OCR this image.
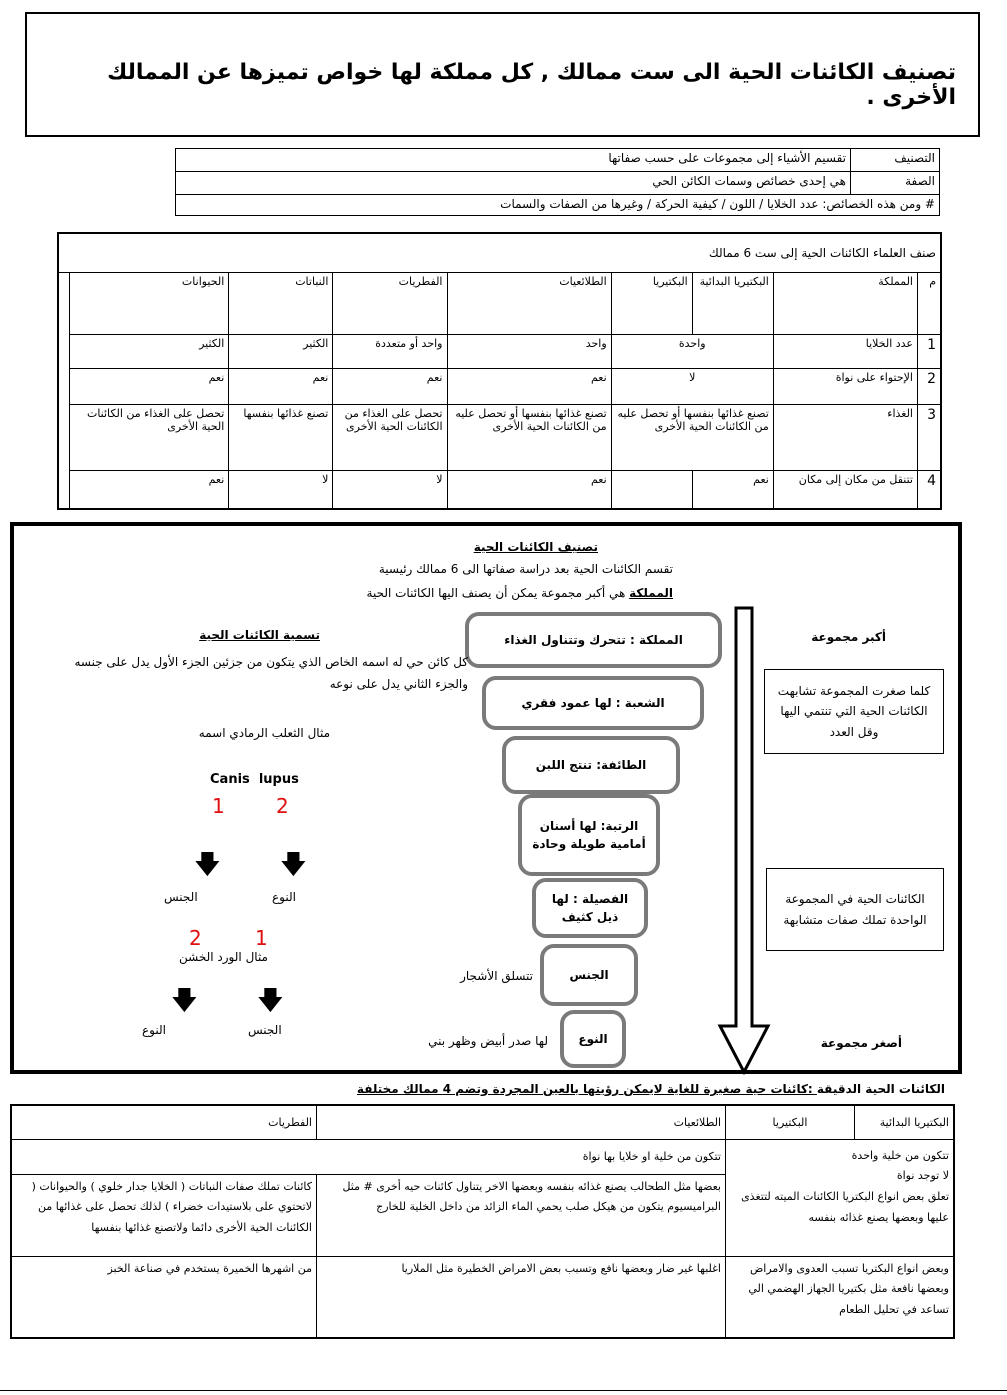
تصنيف الكائنات الحية الى ست ممالك , كل مملكة لها خواص تميزها عن الممالك الأخرى .
التصنيف	تقسيم الأشياء إلى مجموعات على حسب صفاتها
الصفة	هي إحدى خصائص وسمات الكائن الحي
# ومن هذه الخصائص: عدد الخلايا / اللون / كيفية الحركة / وغيرها من الصفات والسمات	
صنف العلماء الكائنات الحية إلى ست 6 ممالك								
م	المملكة	البكتيريا البدائية	البكتيريا	الطلائعيات	الفطريات	النباتات	الحيوانات	
1	عدد الخلايا	واحدة		واحد	واحد أو متعددة	الكثير	الكثير	
2	الإحتواء على نواة	لا		نعم	نعم	نعم	نعم	
3	الغذاء	تصنع غذائها بنفسها أو تحصل عليه من الكائنات الحية الأخرى		تصنع غذائها بنفسها أو تحصل عليه من الكائنات الحية الأخرى	تحصل على الغذاء من الكائنات الحية الأخرى	تصنع غذائها بنفسها	تحصل على الغذاء من الكائنات الحية الأخرى	
4	تتنقل من مكان إلى مكان	نعم		نعم	لا	لا	نعم	
تصنيف الكائنات الحية
تقسم الكائنات الحية بعد دراسة صفاتها الى 6 ممالك رئيسية
المملكة هي أكبر مجموعة يمكن أن يصنف اليها الكائنات الحية
المملكة : تتحرك وتتناول الغذاء
الشعبة : لها عمود فقري
الطائفة: تنتج اللبن
الرتبة: لها أسنان أمامية طويلة وحادة
الفصيلة : لها ذيل كثيف
الجنس
النوع
تتسلق الأشجار
لها صدر أبيض وظهر بني
أكبر مجموعة
أصغر مجموعة
كلما صغرت المجموعة تشابهت الكائنات الحية التي تنتمي اليها وقل العدد
الكائنات الحية في المجموعة الواحدة تملك صفات متشابهة
تسمية الكائنات الحية
كل كائن حي له اسمه الخاص الذي يتكون من جزئين الجزء الأول يدل على جنسه والجزء الثاني يدل على نوعه
مثال الثعلب الرمادي اسمه
Canis  lupus
1	2
🡇 🡇
الجنس	النوع
2	1
مثال الورد الخشن
🡇 🡇
النوع	الجنس
الكائنات الحية الدقيقة :كائنات حية صغيرة للغاية لايمكن رؤيتها بالعين المجردة وتضم 4 ممالك مختلفة
البكتيريا البدائية	البكتيريا	الطلائعيات	الفطريات
تتكون من خلية واحدة
لا توجد نواة
تعلق بعض انواع البكتريا الكائنات الميته لتتغذى عليها وبعضها يصنع غذائه بنفسه		تتكون من خلية او خلايا بها نواة	
		بعضها مثل الطحالب يصنع غذائه بنفسه وبعضها الاخر يتناول كائنات حيه أخرى # مثل البراميسيوم يتكون من هيكل صلب يحمي الماء الزائد من داخل الخلية للخارج	كائنات تملك صفات النباتات ( الخلايا جدار خلوي ) والحيوانات ( لاتحتوي على بلاستيدات خضراء ) لذلك تحصل على غذائها من الكائنات الحية الأخرى دائما ولاتصنع غذائها بنفسها
وبعض انواع البكتريا تسبب العدوى والامراض وبعضها نافعة مثل بكتيريا الجهاز الهضمي الي تساعد في تحليل الطعام		اغلبها غير ضار وبعضها نافع وتسبب بعض الامراض الخطيرة مثل الملاريا	من اشهرها الخميرة يستخدم في صناعة الخبز
